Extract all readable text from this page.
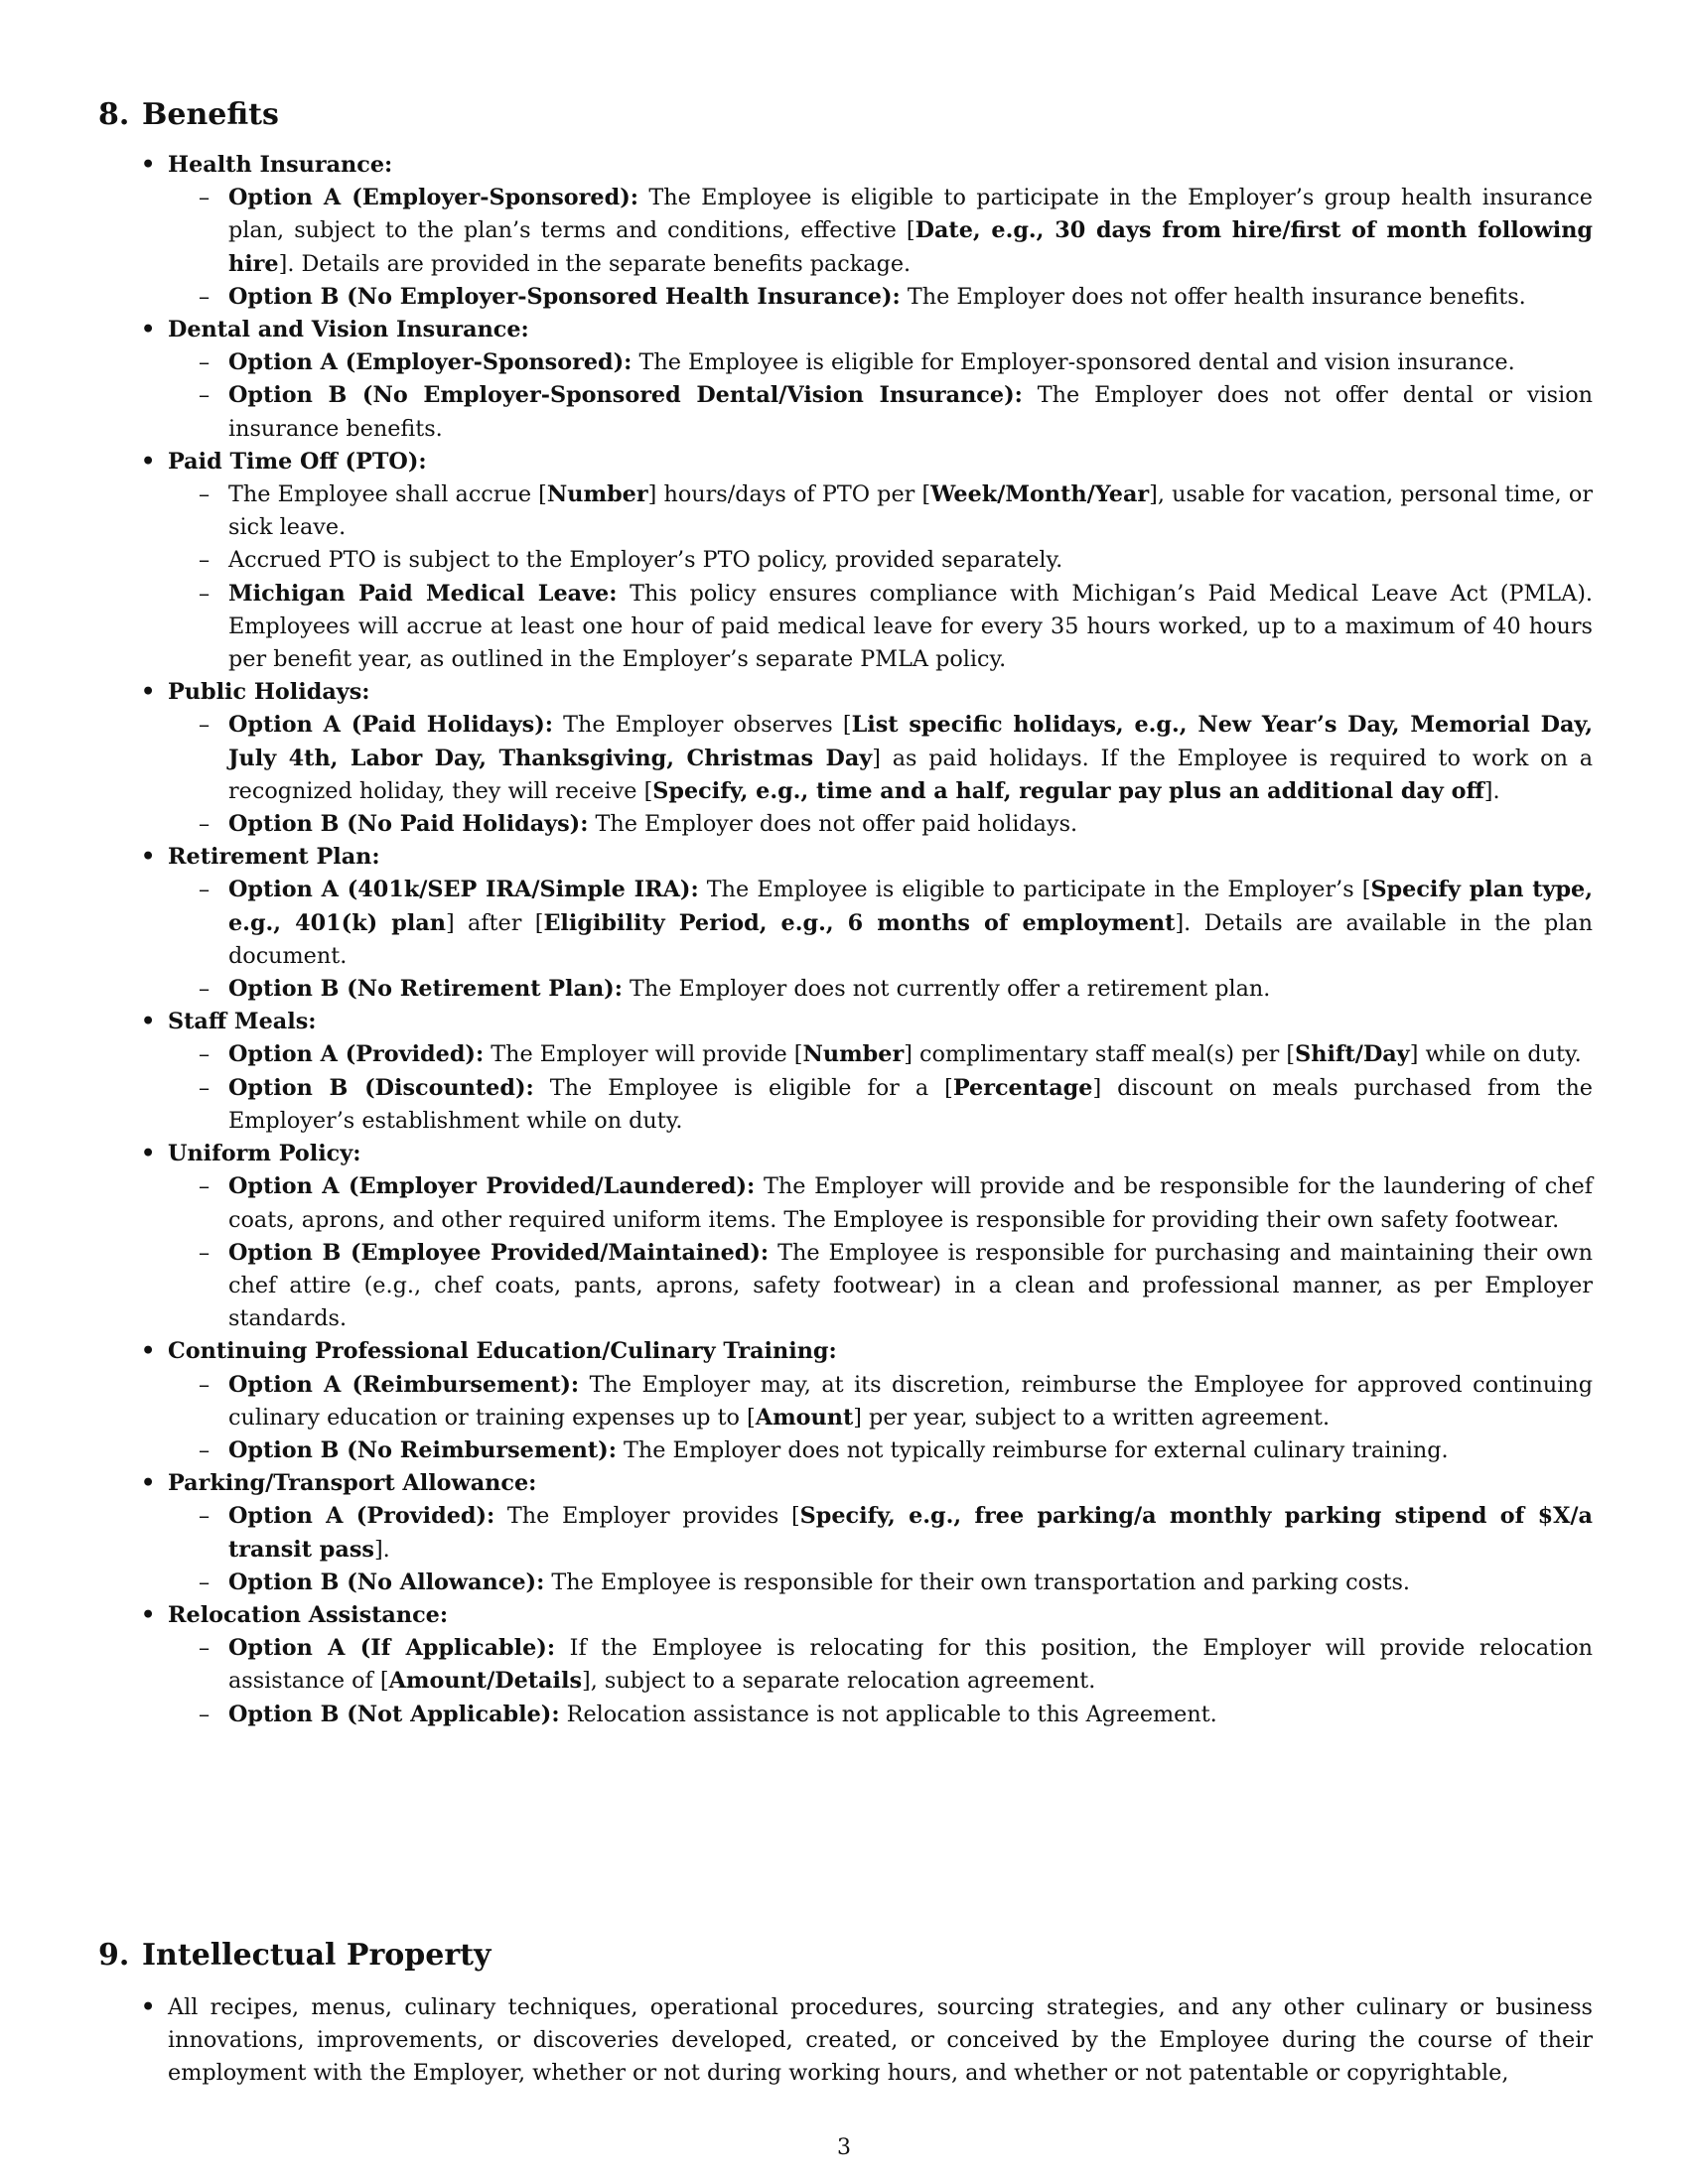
8. Benefits
• Health Insurance:
– Option A (Employer-Sponsored): The Employee is eligible to participate in the Employer’s group health insurance plan, subject to the plan’s terms and conditions, effective [Date, e.g., 30 days from hire/first of month following hire]. Details are provided in the separate benefits package.
– Option B (No Employer-Sponsored Health Insurance): The Employer does not offer health insurance benefits.
• Dental and Vision Insurance:
– Option A (Employer-Sponsored): The Employee is eligible for Employer-sponsored dental and vision insurance.
– Option B (No Employer-Sponsored Dental/Vision Insurance): The Employer does not offer dental or vision insurance benefits.
• Paid Time Off (PTO):
– The Employee shall accrue [Number] hours/days of PTO per [Week/Month/Year], usable for vacation, personal time, or sick leave.
– Accrued PTO is subject to the Employer’s PTO policy, provided separately.
– Michigan Paid Medical Leave: This policy ensures compliance with Michigan’s Paid Medical Leave Act (PMLA). Employees will accrue at least one hour of paid medical leave for every 35 hours worked, up to a maximum of 40 hours per benefit year, as outlined in the Employer’s separate PMLA policy.
• Public Holidays:
– Option A (Paid Holidays): The Employer observes [List specific holidays, e.g., New Year’s Day, Memorial Day, July 4th, Labor Day, Thanksgiving, Christmas Day] as paid holidays. If the Employee is required to work on a recognized holiday, they will receive [Specify, e.g., time and a half, regular pay plus an additional day off].
– Option B (No Paid Holidays): The Employer does not offer paid holidays.
• Retirement Plan:
– Option A (401k/SEP IRA/Simple IRA): The Employee is eligible to participate in the Employer’s [Specify plan type, e.g., 401(k) plan] after [Eligibility Period, e.g., 6 months of employment]. Details are available in the plan document.
– Option B (No Retirement Plan): The Employer does not currently offer a retirement plan.
• Staff Meals:
– Option A (Provided): The Employer will provide [Number] complimentary staff meal(s) per [Shift/Day] while on duty.
– Option B (Discounted): The Employee is eligible for a [Percentage] discount on meals purchased from the Employer’s establishment while on duty.
• Uniform Policy:
– Option A (Employer Provided/Laundered): The Employer will provide and be responsible for the laundering of chef coats, aprons, and other required uniform items. The Employee is responsible for providing their own safety footwear.
– Option B (Employee Provided/Maintained): The Employee is responsible for purchasing and maintaining their own chef attire (e.g., chef coats, pants, aprons, safety footwear) in a clean and professional manner, as per Employer standards.
• Continuing Professional Education/Culinary Training:
– Option A (Reimbursement): The Employer may, at its discretion, reimburse the Employee for approved continuing culinary education or training expenses up to [Amount] per year, subject to a written agreement.
– Option B (No Reimbursement): The Employer does not typically reimburse for external culinary training.
• Parking/Transport Allowance:
– Option A (Provided): The Employer provides [Specify, e.g., free parking/a monthly parking stipend of $X/a transit pass].
– Option B (No Allowance): The Employee is responsible for their own transportation and parking costs.
• Relocation Assistance:
– Option A (If Applicable): If the Employee is relocating for this position, the Employer will provide relocation assistance of [Amount/Details], subject to a separate relocation agreement.
– Option B (Not Applicable): Relocation assistance is not applicable to this Agreement.
9. Intellectual Property
• All recipes, menus, culinary techniques, operational procedures, sourcing strategies, and any other culinary or business innovations, improvements, or discoveries developed, created, or conceived by the Employee during the course of their employment with the Employer, whether or not during working hours, and whether or not patentable or copyrightable,
3
